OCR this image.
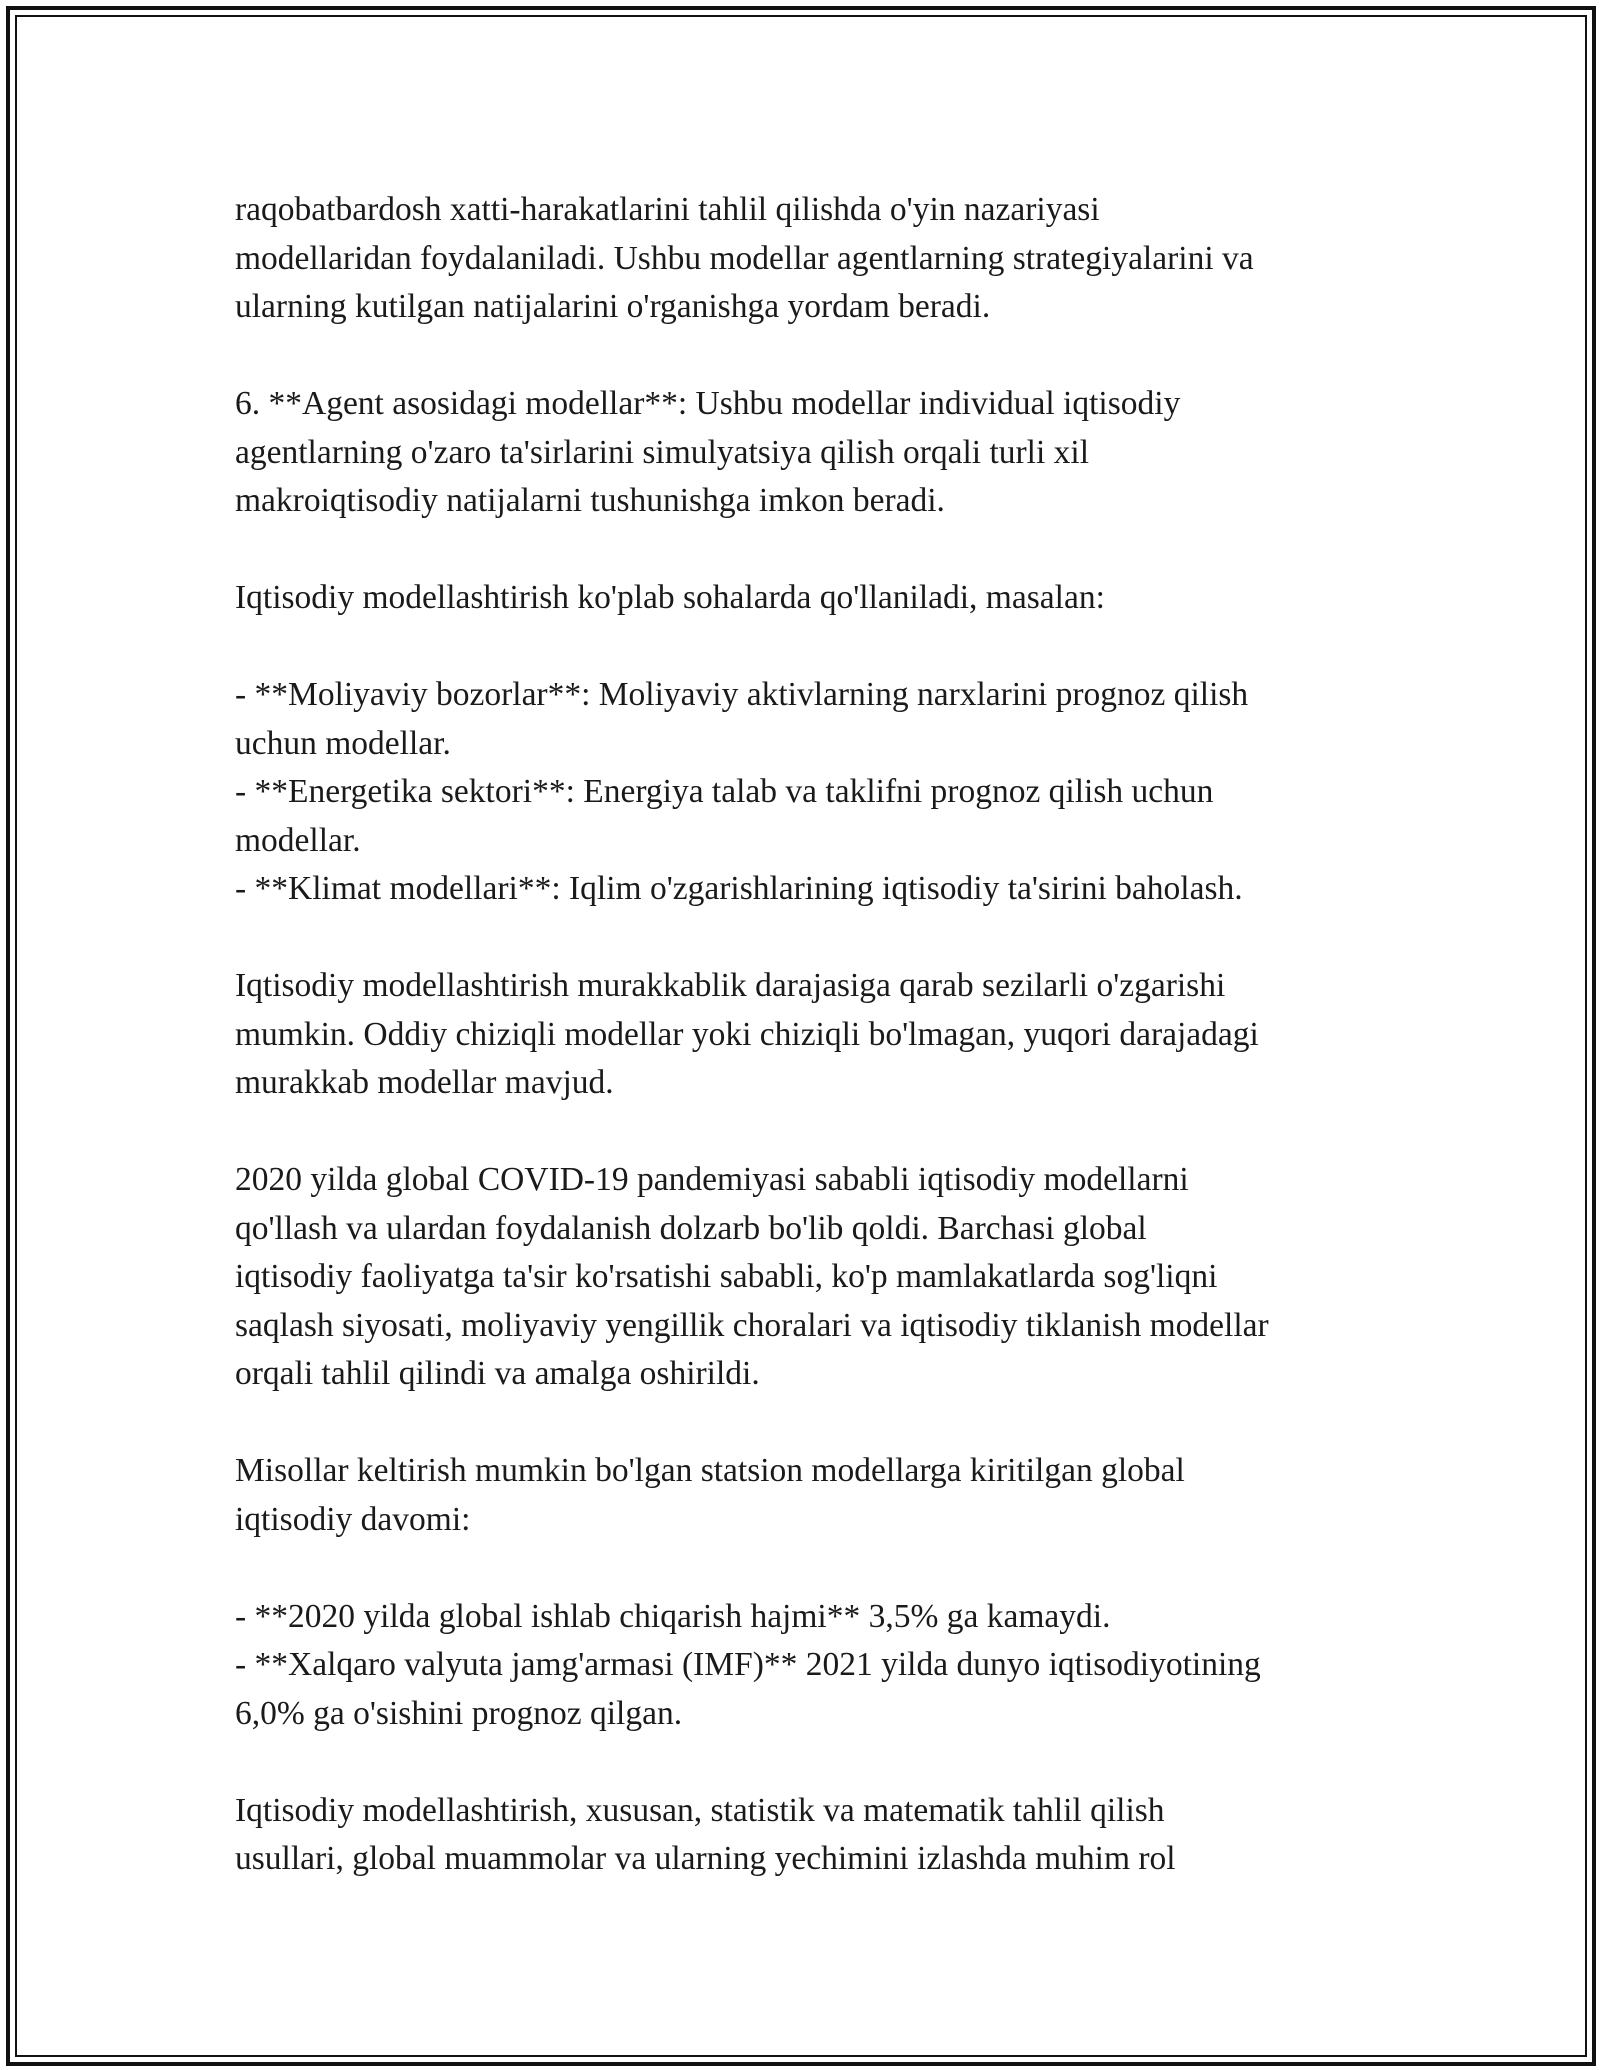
raqobatbardosh xatti-harakatlarini tahlil qilishda o'yin nazariyasi
modellaridan foydalaniladi. Ushbu modellar agentlarning strategiyalarini va
ularning kutilgan natijalarini o'rganishga yordam beradi.
6. **Agent asosidagi modellar**: Ushbu modellar individual iqtisodiy
agentlarning o'zaro ta'sirlarini simulyatsiya qilish orqali turli xil
makroiqtisodiy natijalarni tushunishga imkon beradi.
Iqtisodiy modellashtirish ko'plab sohalarda qo'llaniladi, masalan:
- **Moliyaviy bozorlar**: Moliyaviy aktivlarning narxlarini prognoz qilish
uchun modellar.
- **Energetika sektori**: Energiya talab va taklifni prognoz qilish uchun
modellar.
- **Klimat modellari**: Iqlim o'zgarishlarining iqtisodiy ta'sirini baholash.
Iqtisodiy modellashtirish murakkablik darajasiga qarab sezilarli o'zgarishi
mumkin. Oddiy chiziqli modellar yoki chiziqli bo'lmagan, yuqori darajadagi
murakkab modellar mavjud.
2020 yilda global COVID-19 pandemiyasi sababli iqtisodiy modellarni
qo'llash va ulardan foydalanish dolzarb bo'lib qoldi. Barchasi global
iqtisodiy faoliyatga ta'sir ko'rsatishi sababli, ko'p mamlakatlarda sog'liqni
saqlash siyosati, moliyaviy yengillik choralari va iqtisodiy tiklanish modellar
orqali tahlil qilindi va amalga oshirildi.
Misollar keltirish mumkin bo'lgan statsion modellarga kiritilgan global
iqtisodiy davomi:
- **2020 yilda global ishlab chiqarish hajmi** 3,5% ga kamaydi.
- **Xalqaro valyuta jamg'armasi (IMF)** 2021 yilda dunyo iqtisodiyotining
6,0% ga o'sishini prognoz qilgan.
Iqtisodiy modellashtirish, xususan, statistik va matematik tahlil qilish
usullari, global muammolar va ularning yechimini izlashda muhim rol
